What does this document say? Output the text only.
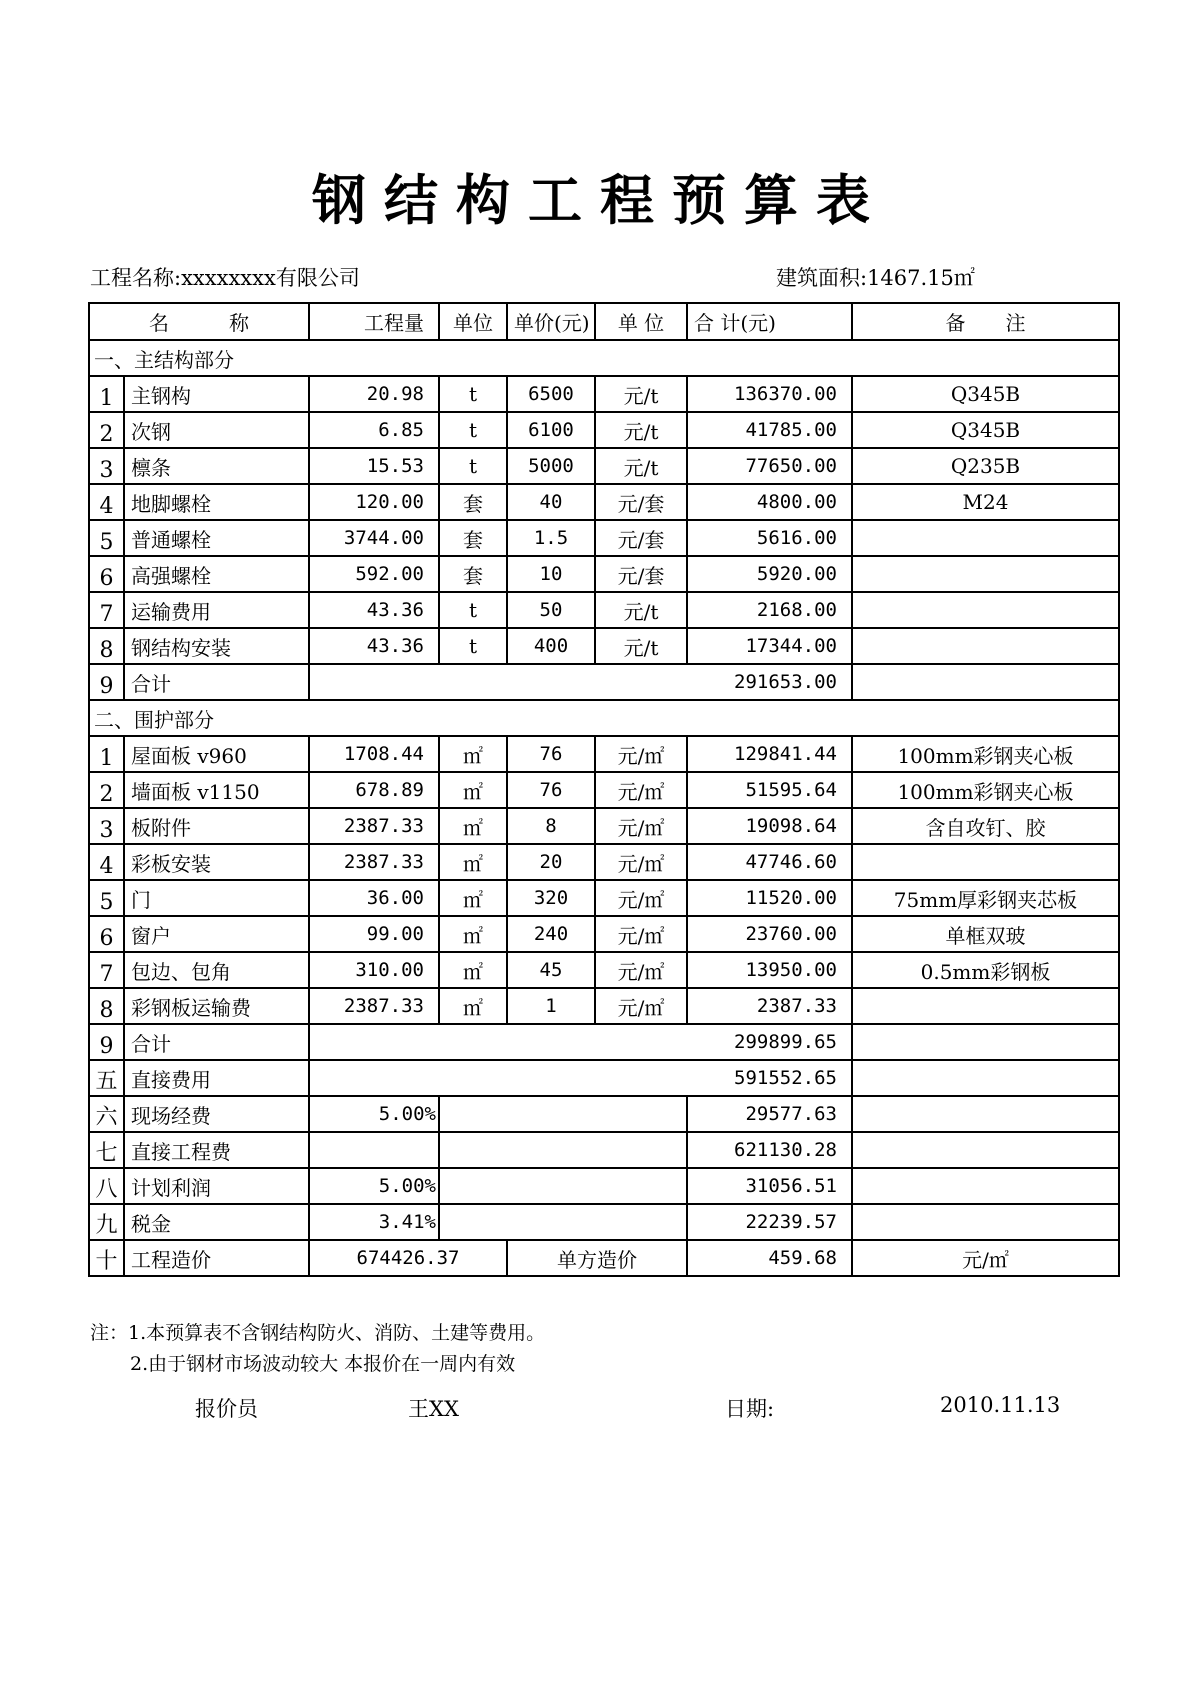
钢结构工程预算表
工程名称:xxxxxxxx有限公司	建筑面积:1467.15㎡
名　　　称		工程量	单位	单价(元)	单 位	合 计(元)	备　　注
一、主结构部分							
1	主钢构	20.98	t	6500	元/t	136370.00	Q345B
2	次钢	6.85	t	6100	元/t	41785.00	Q345B
3	檩条	15.53	t	5000	元/t	77650.00	Q235B
4	地脚螺栓	120.00	套	40	元/套	4800.00	M24
5	普通螺栓	3744.00	套	1.5	元/套	5616.00	
6	高强螺栓	592.00	套	10	元/套	5920.00	
7	运输费用	43.36	t	50	元/t	2168.00	
8	钢结构安装	43.36	t	400	元/t	17344.00	
9	合计	291653.00					
二、围护部分							
1	屋面板 v960	1708.44	㎡	76	元/㎡	129841.44	100mm彩钢夹心板
2	墙面板 v1150	678.89	㎡	76	元/㎡	51595.64	100mm彩钢夹心板
3	板附件	2387.33	㎡	8	元/㎡	19098.64	含自攻钉、胶
4	彩板安装	2387.33	㎡	20	元/㎡	47746.60	
5	门	36.00	㎡	320	元/㎡	11520.00	75mm厚彩钢夹芯板
6	窗户	99.00	㎡	240	元/㎡	23760.00	单框双玻
7	包边、包角	310.00	㎡	45	元/㎡	13950.00	0.5mm彩钢板
8	彩钢板运输费	2387.33	㎡	1	元/㎡	2387.33	
9	合计	299899.65					
五	直接费用	591552.65					
六	现场经费	5.00%				29577.63	
七	直接工程费					621130.28	
八	计划利润	5.00%				31056.51	
九	税金	3.41%				22239.57	
十	工程造价	674426.37		单方造价		459.68	元/㎡
注：1.本预算表不含钢结构防火、消防、土建等费用。
2.由于钢材市场波动较大 本报价在一周内有效
报价员	王XX	日期:	2010.11.13
